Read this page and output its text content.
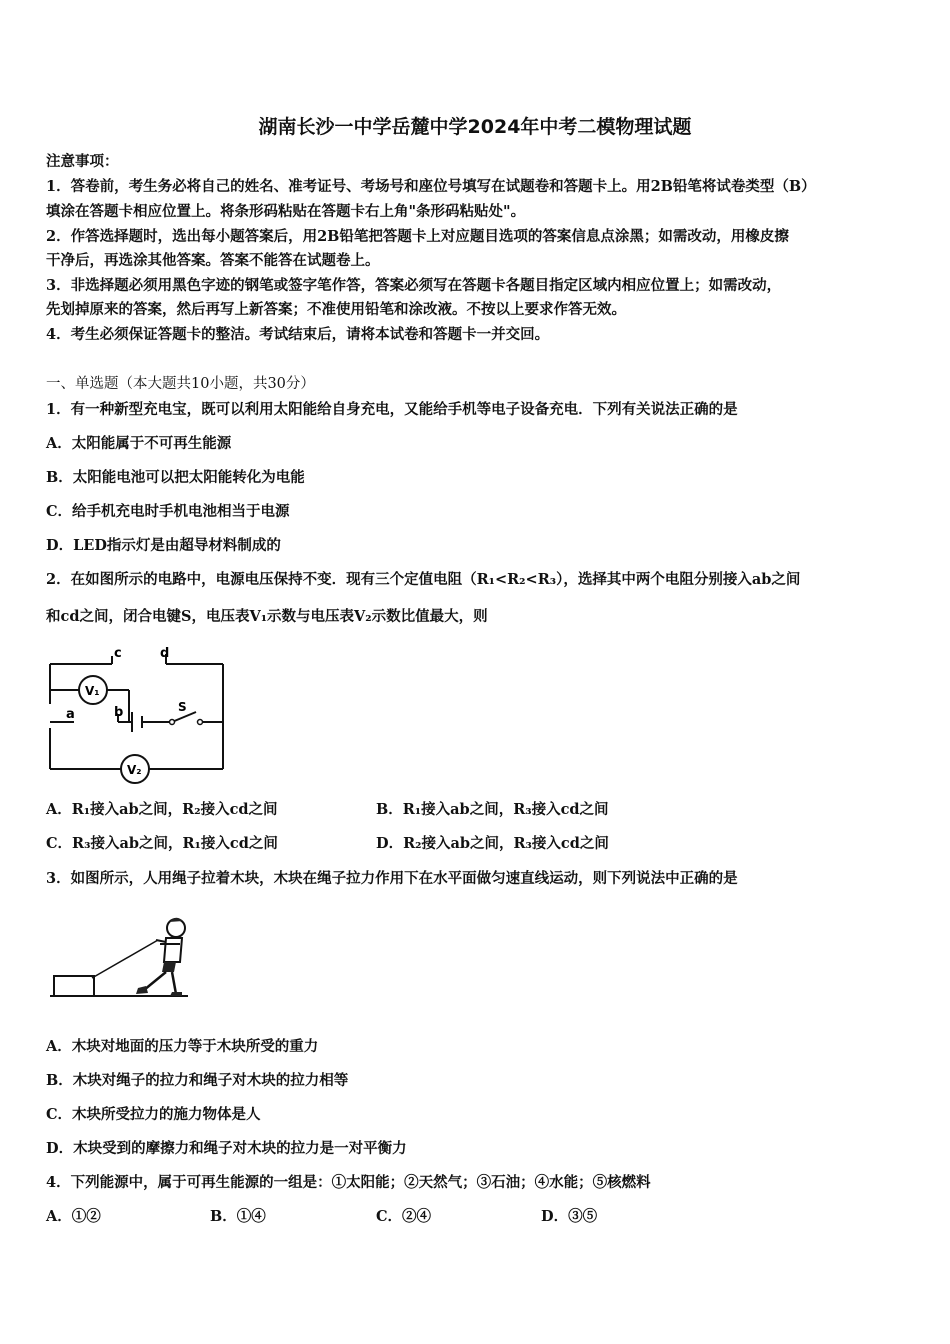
湖南长沙一中学岳麓中学2024年中考二模物理试题
注意事项：
1．答卷前，考生务必将自己的姓名、准考证号、考场号和座位号填写在试题卷和答题卡上。用2B铅笔将试卷类型（B）
填涂在答题卡相应位置上。将条形码粘贴在答题卡右上角"条形码粘贴处"。
2．作答选择题时，选出每小题答案后，用2B铅笔把答题卡上对应题目选项的答案信息点涂黑；如需改动，用橡皮擦
干净后，再选涂其他答案。答案不能答在试题卷上。
3．非选择题必须用黑色字迹的钢笔或签字笔作答，答案必须写在答题卡各题目指定区域内相应位置上；如需改动，
先划掉原来的答案，然后再写上新答案；不准使用铅笔和涂改液。不按以上要求作答无效。
4．考生必须保证答题卡的整洁。考试结束后，请将本试卷和答题卡一并交回。
一、单选题（本大题共10小题，共30分）
1．有一种新型充电宝，既可以利用太阳能给自身充电，又能给手机等电子设备充电．下列有关说法正确的是
A．太阳能属于不可再生能源
B．太阳能电池可以把太阳能转化为电能
C．给手机充电时手机电池相当于电源
D．LED指示灯是由超导材料制成的
2．在如图所示的电路中，电源电压保持不变．现有三个定值电阻（R₁<R₂<R₃），选择其中两个电阻分别接入ab之间
和cd之间，闭合电键S，电压表V₁示数与电压表V₂示数比值最大，则
c	d
a	b	S
V₁
V₂
A．R₁接入ab之间，R₂接入cd之间	B．R₁接入ab之间，R₃接入cd之间
C．R₃接入ab之间，R₁接入cd之间	D．R₂接入ab之间，R₃接入cd之间
3．如图所示，人用绳子拉着木块，木块在绳子拉力作用下在水平面做匀速直线运动，则下列说法中正确的是
A．木块对地面的压力等于木块所受的重力
B．木块对绳子的拉力和绳子对木块的拉力相等
C．木块所受拉力的施力物体是人
D．木块受到的摩擦力和绳子对木块的拉力是一对平衡力
4．下列能源中，属于可再生能源的一组是：①太阳能；②天然气；③石油；④水能；⑤核燃料
A．①②	B．①④	C．②④	D．③⑤
